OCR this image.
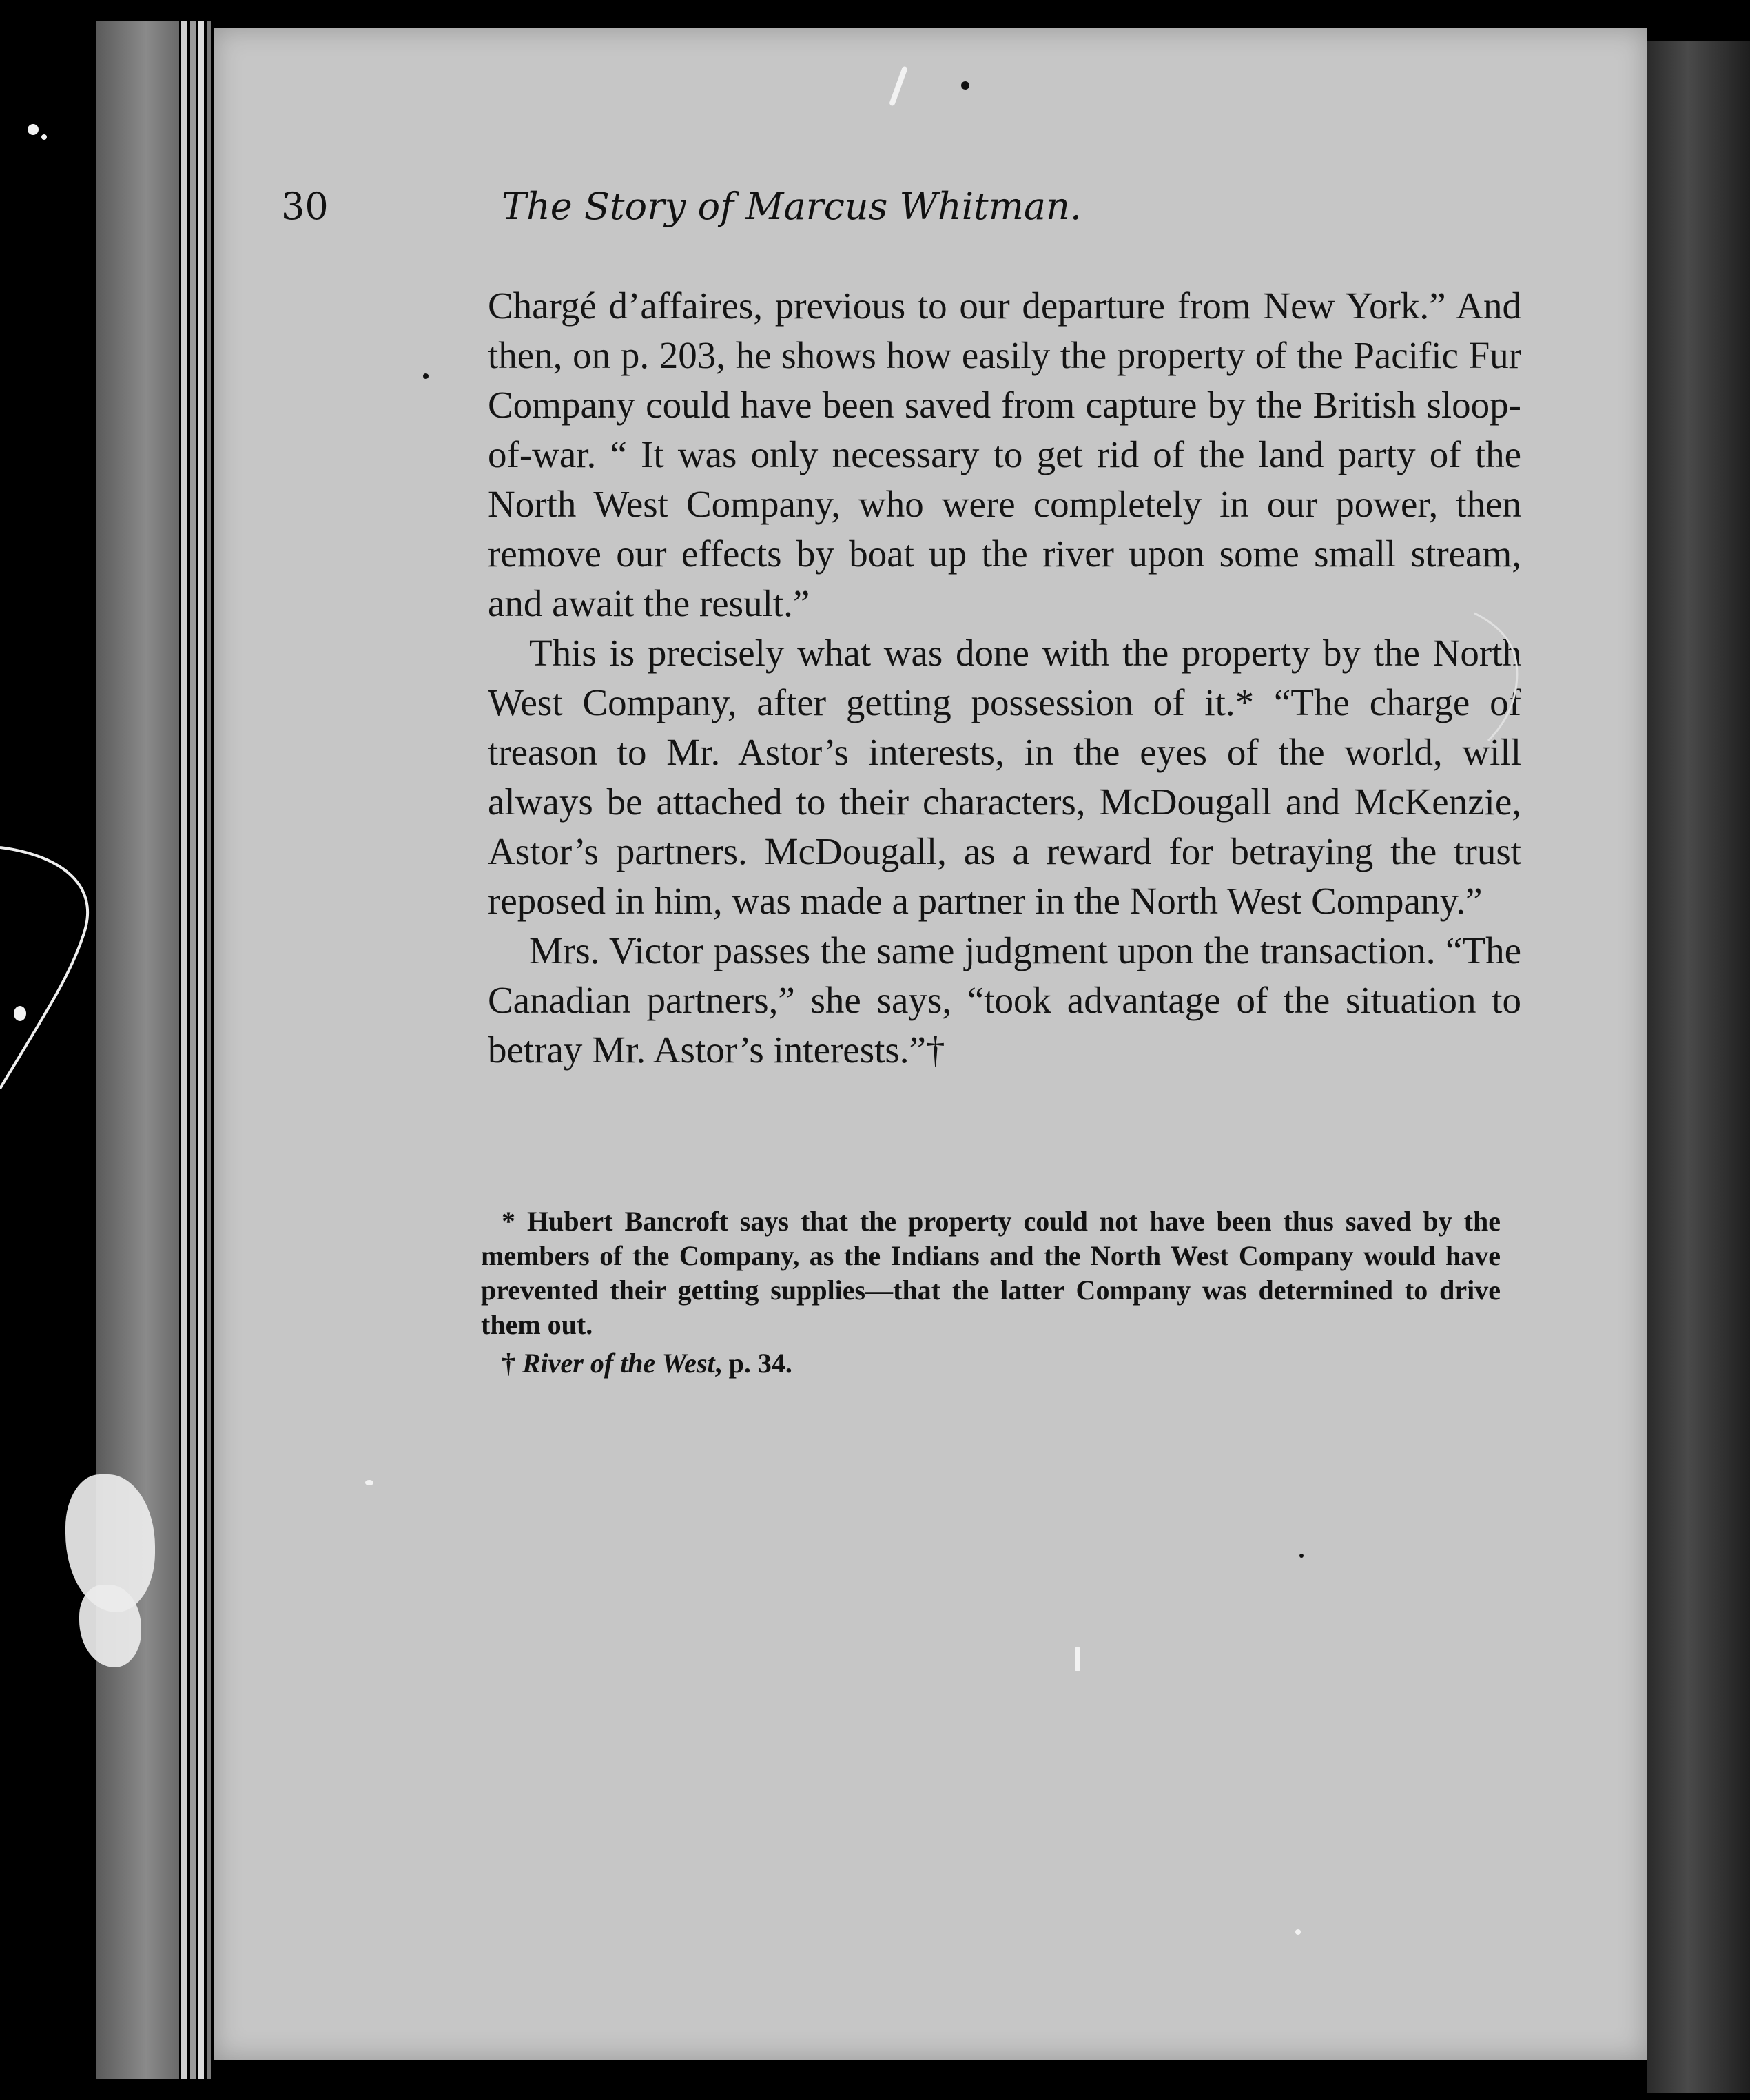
30	The Story of Marcus Whitman.

Chargé d’affaires, previous to our departure from New York.” And then, on p. 203, he shows how easily the property of the Pacific Fur Company could have been saved from capture by the British sloop-of-war. “ It was only necessary to get rid of the land party of the North West Company, who were completely in our power, then remove our effects by boat up the river upon some small stream, and await the result.”

This is precisely what was done with the property by the North West Company, after getting possession of it.* “The charge of treason to Mr. Astor’s interests, in the eyes of the world, will always be attached to their characters, McDougall and McKenzie, Astor’s partners. McDougall, as a reward for betraying the trust reposed in him, was made a partner in the North West Company.”

Mrs. Victor passes the same judgment upon the transaction. “The Canadian partners,” she says, “took advantage of the situation to betray Mr. Astor’s interests.”†

* Hubert Bancroft says that the property could not have been thus saved by the members of the Company, as the Indians and the North West Company would have prevented their getting supplies—that the latter Company was determined to drive them out.

† River of the West, p. 34.
